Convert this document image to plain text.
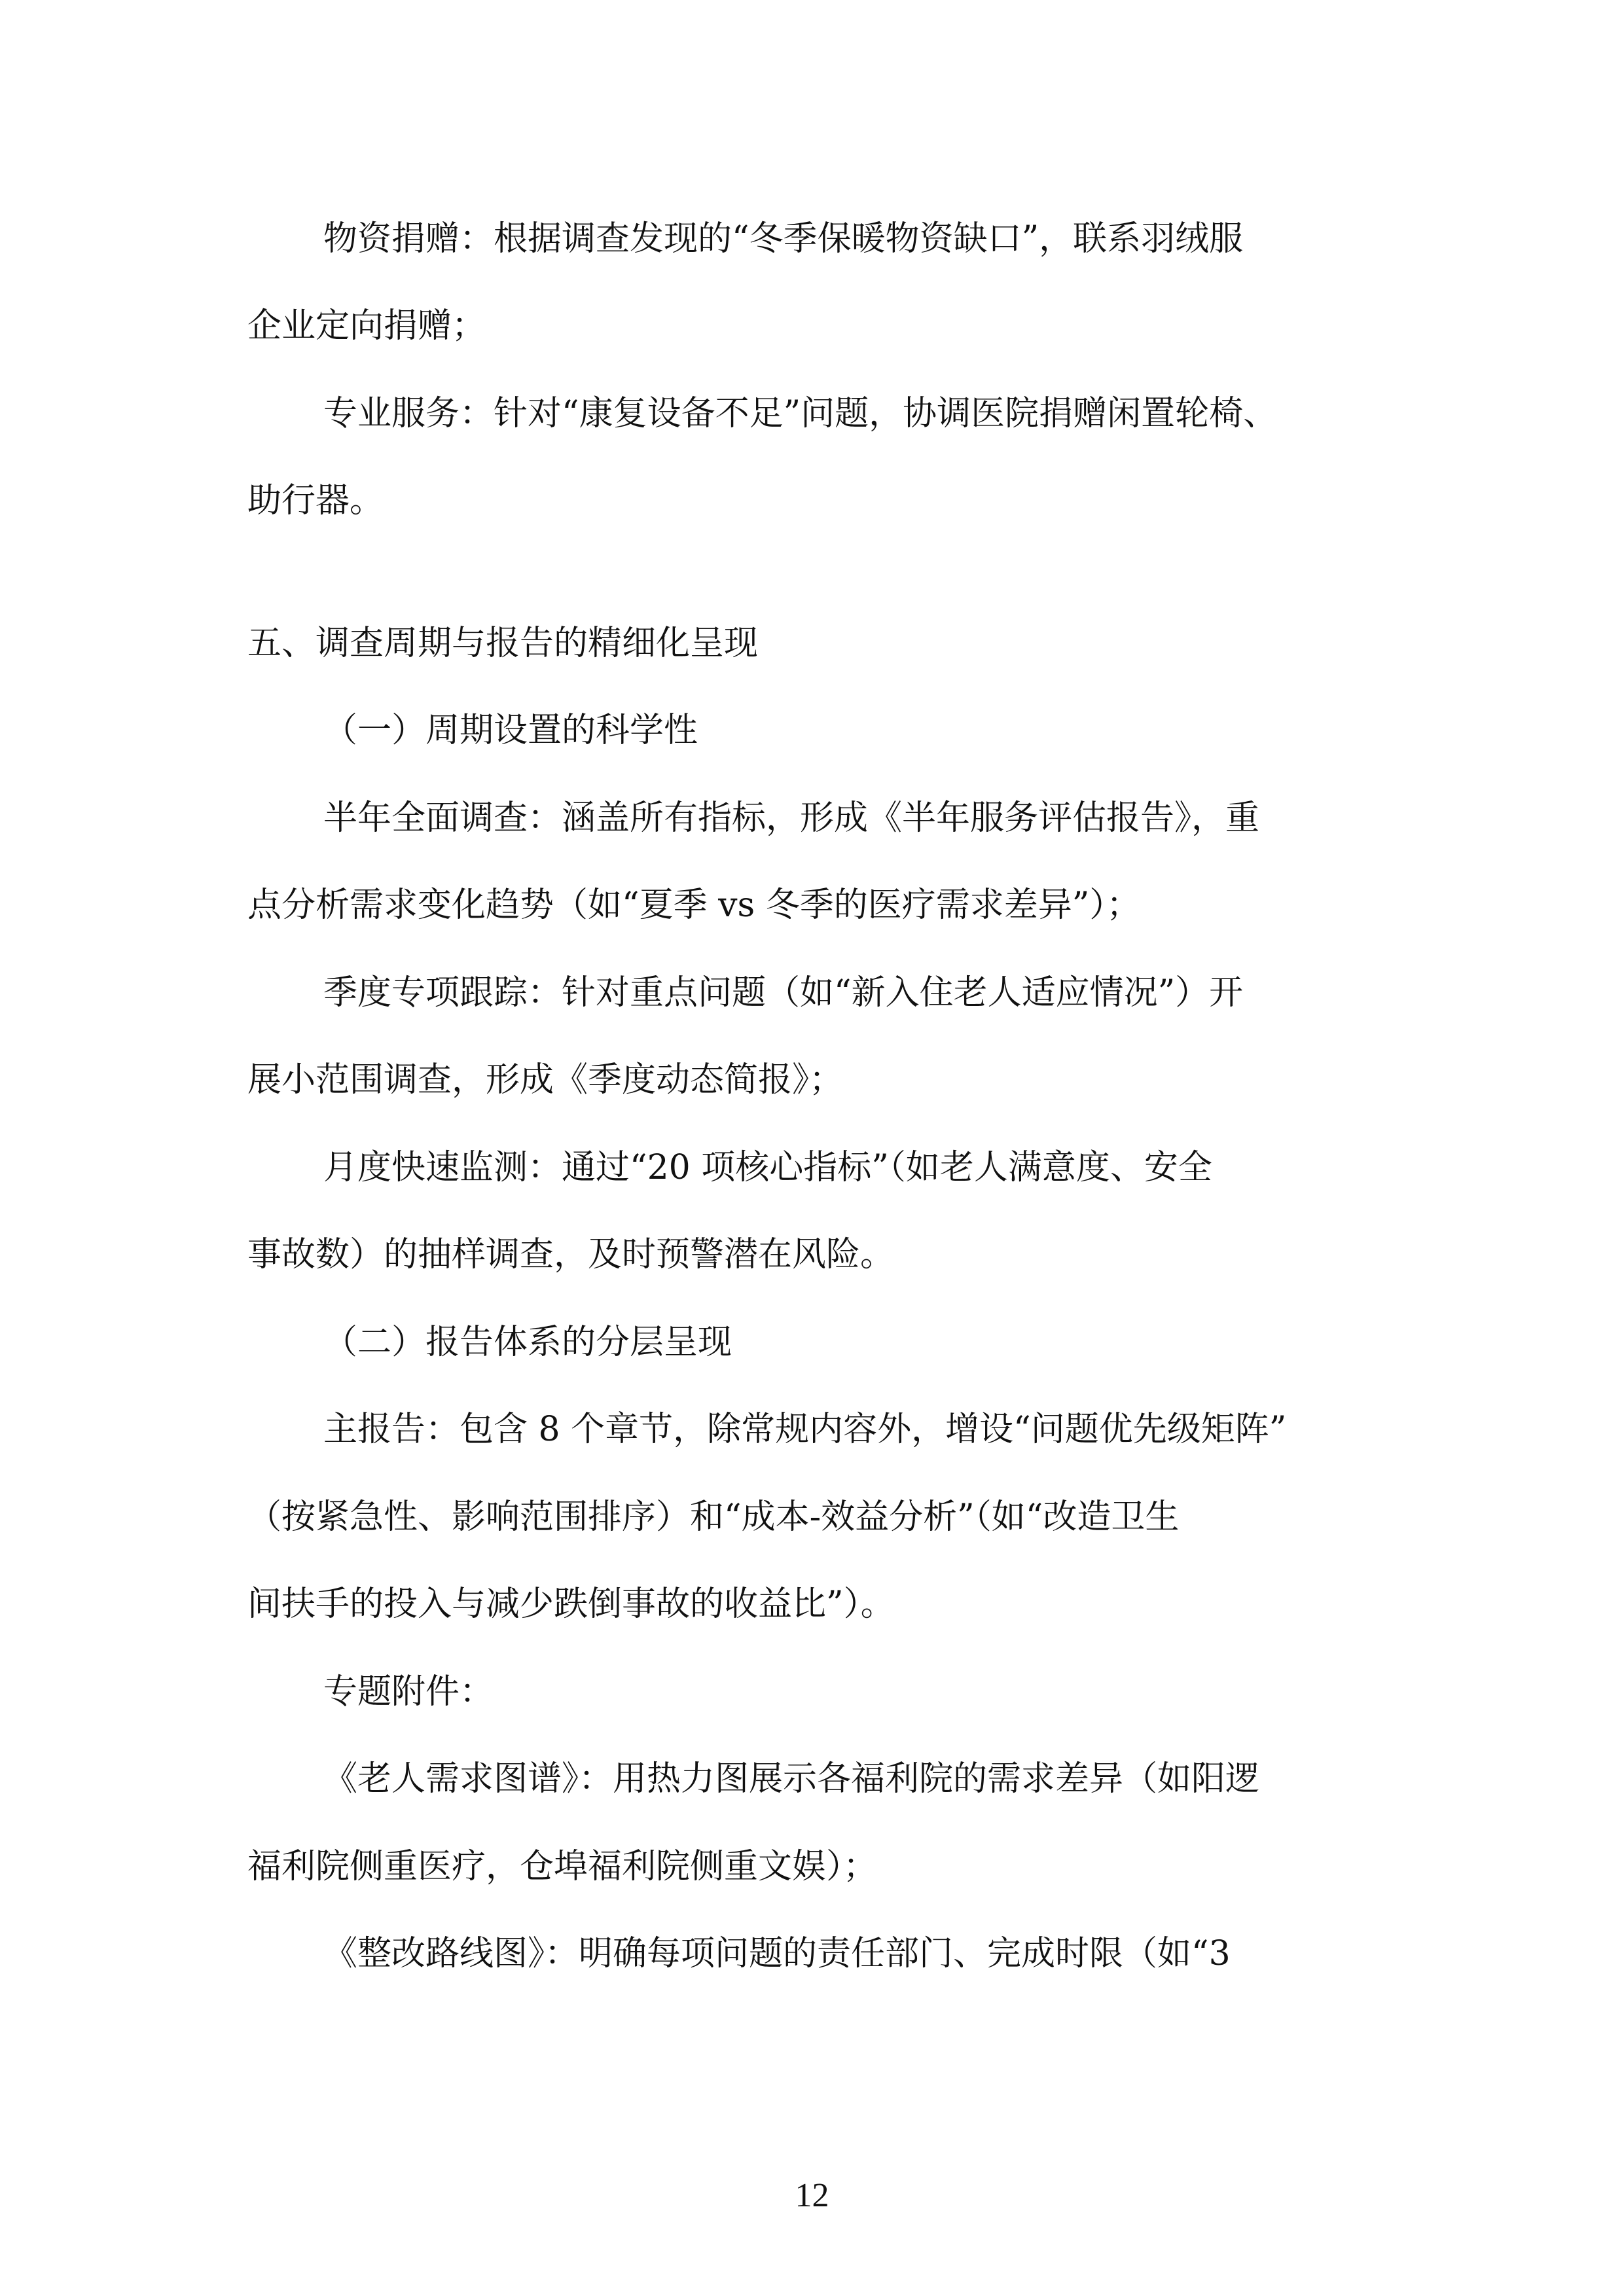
物资捐赠：根据调查发现的“冬季保暖物资缺口”，联系羽绒服
企业定向捐赠；
专业服务：针对“康复设备不足”问题，协调医院捐赠闲置轮椅、
助行器。
五、调查周期与报告的精细化呈现
（一）周期设置的科学性
半年全面调查：涵盖所有指标，形成《半年服务评估报告》，重
点分析需求变化趋势（如“夏季 vs 冬季的医疗需求差异”）；
季度专项跟踪：针对重点问题（如“新入住老人适应情况”）开
展小范围调查，形成《季度动态简报》；
月度快速监测：通过“20 项核心指标”（如老人满意度、安全
事故数）的抽样调查，及时预警潜在风险。
（二）报告体系的分层呈现
主报告：包含 8 个章节，除常规内容外，增设“问题优先级矩阵”
（按紧急性、影响范围排序）和“成本-效益分析”（如“改造卫生
间扶手的投入与减少跌倒事故的收益比”）。
专题附件：
《老人需求图谱》：用热力图展示各福利院的需求差异（如阳逻
福利院侧重医疗，仓埠福利院侧重文娱）；
《整改路线图》：明确每项问题的责任部门、完成时限（如“3
12
